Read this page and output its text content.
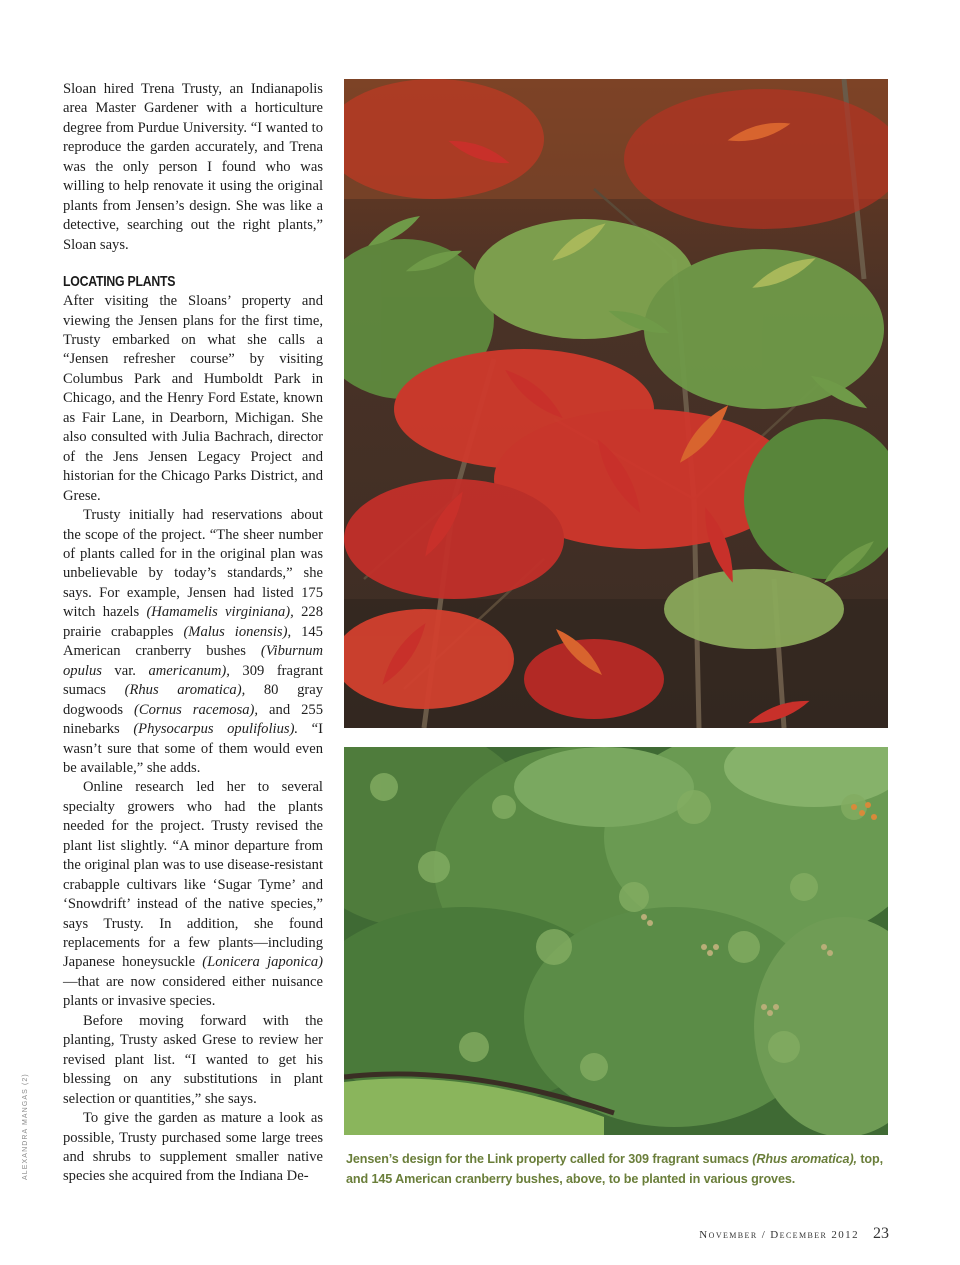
Sloan hired Trena Trusty, an Indianapolis area Master Gardener with a horticulture degree from Purdue University. “I wanted to reproduce the garden accurately, and Trena was the only person I found who was willing to help renovate it using the original plants from Jensen’s design. She was like a detective, searching out the right plants,” Sloan says.

LOCATING PLANTS

After visiting the Sloans’ property and viewing the Jensen plans for the first time, Trusty embarked on what she calls a “Jensen refresher course” by visiting Columbus Park and Humboldt Park in Chicago, and the Henry Ford Estate, known as Fair Lane, in Dearborn, Michigan. She also consulted with Julia Bachrach, director of the Jens Jensen Legacy Project and historian for the Chicago Parks District, and Grese.

Trusty initially had reservations about the scope of the project. “The sheer number of plants called for in the original plan was unbelievable by today’s standards,” she says. For example, Jensen had listed 175 witch hazels (Hamamelis virginiana), 228 prairie crabapples (Malus ionensis), 145 American cranberry bushes (Viburnum opulus var. americanum), 309 fragrant sumacs (Rhus aromatica), 80 gray dogwoods (Cornus racemosa), and 255 ninebarks (Physocarpus opulifolius). “I wasn’t sure that some of them would even be available,” she adds.

Online research led her to several specialty growers who had the plants needed for the project. Trusty revised the plant list slightly. “A minor departure from the original plan was to use disease-resistant crabapple cultivars like ‘Sugar Tyme’ and ‘Snowdrift’ instead of the native species,” says Trusty. In addition, she found replacements for a few plants—including Japanese honeysuckle (Lonicera japonica)—that are now considered either nuisance plants or invasive species.

Before moving forward with the planting, Trusty asked Grese to review her revised plant list. “I wanted to get his blessing on any substitutions in plant selection or quantities,” she says.

To give the garden as mature a look as possible, Trusty purchased some large trees and shrubs to supplement smaller native species she acquired from the Indiana De-

Jensen’s design for the Link property called for 309 fragrant sumacs (Rhus aromatica), top, and 145 American cranberry bushes, above, to be planted in various groves.
ALEXANDRA MANGAS (2)
November / December 2012 23
